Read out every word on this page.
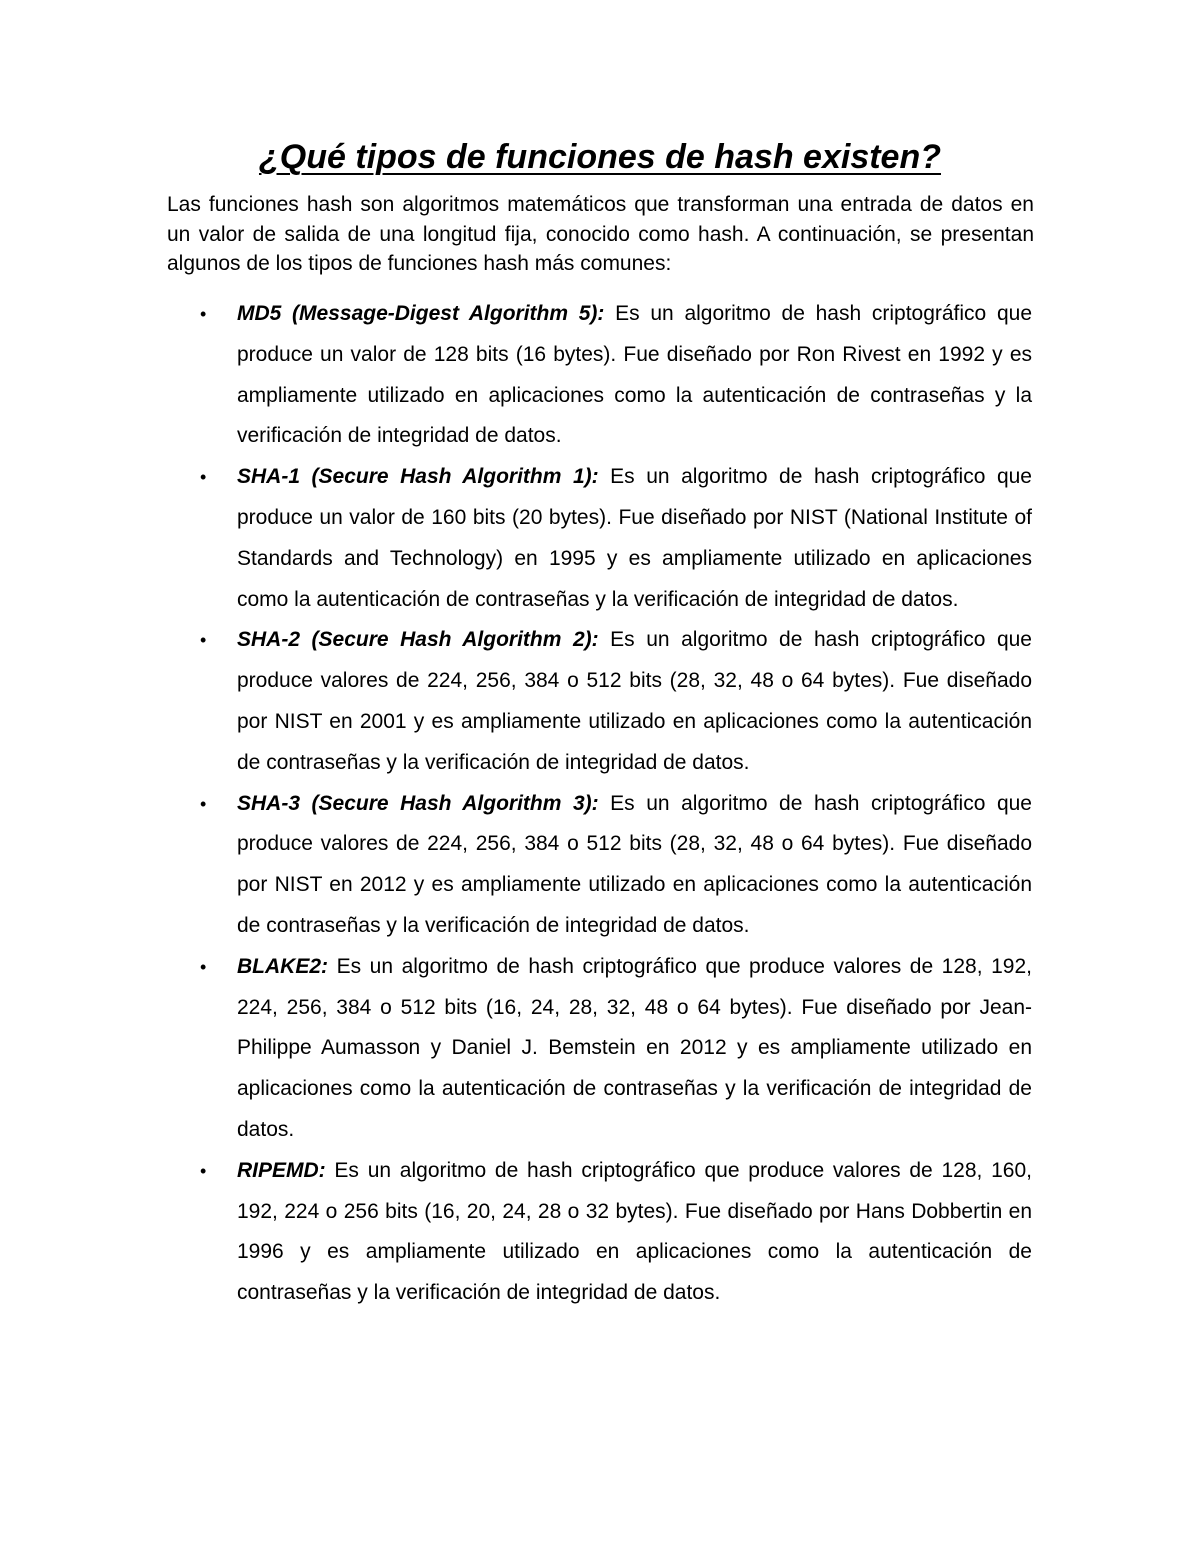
¿Qué tipos de funciones de hash existen?

Las funciones hash son algoritmos matemáticos que transforman una entrada de datos en un valor de salida de una longitud fija, conocido como hash. A continuación, se presentan algunos de los tipos de funciones hash más comunes:

• MD5 (Message-Digest Algorithm 5): Es un algoritmo de hash criptográfico que produce un valor de 128 bits (16 bytes). Fue diseñado por Ron Rivest en 1992 y es ampliamente utilizado en aplicaciones como la autenticación de contraseñas y la verificación de integridad de datos.
• SHA-1 (Secure Hash Algorithm 1): Es un algoritmo de hash criptográfico que produce un valor de 160 bits (20 bytes). Fue diseñado por NIST (National Institute of Standards and Technology) en 1995 y es ampliamente utilizado en aplicaciones como la autenticación de contraseñas y la verificación de integridad de datos.
• SHA-2 (Secure Hash Algorithm 2): Es un algoritmo de hash criptográfico que produce valores de 224, 256, 384 o 512 bits (28, 32, 48 o 64 bytes). Fue diseñado por NIST en 2001 y es ampliamente utilizado en aplicaciones como la autenticación de contraseñas y la verificación de integridad de datos.
• SHA-3 (Secure Hash Algorithm 3): Es un algoritmo de hash criptográfico que produce valores de 224, 256, 384 o 512 bits (28, 32, 48 o 64 bytes). Fue diseñado por NIST en 2012 y es ampliamente utilizado en aplicaciones como la autenticación de contraseñas y la verificación de integridad de datos.
• BLAKE2: Es un algoritmo de hash criptográfico que produce valores de 128, 192, 224, 256, 384 o 512 bits (16, 24, 28, 32, 48 o 64 bytes). Fue diseñado por Jean-Philippe Aumasson y Daniel J. Bemstein en 2012 y es ampliamente utilizado en aplicaciones como la autenticación de contraseñas y la verificación de integridad de datos.
• RIPEMD: Es un algoritmo de hash criptográfico que produce valores de 128, 160, 192, 224 o 256 bits (16, 20, 24, 28 o 32 bytes). Fue diseñado por Hans Dobbertin en 1996 y es ampliamente utilizado en aplicaciones como la autenticación de contraseñas y la verificación de integridad de datos.
